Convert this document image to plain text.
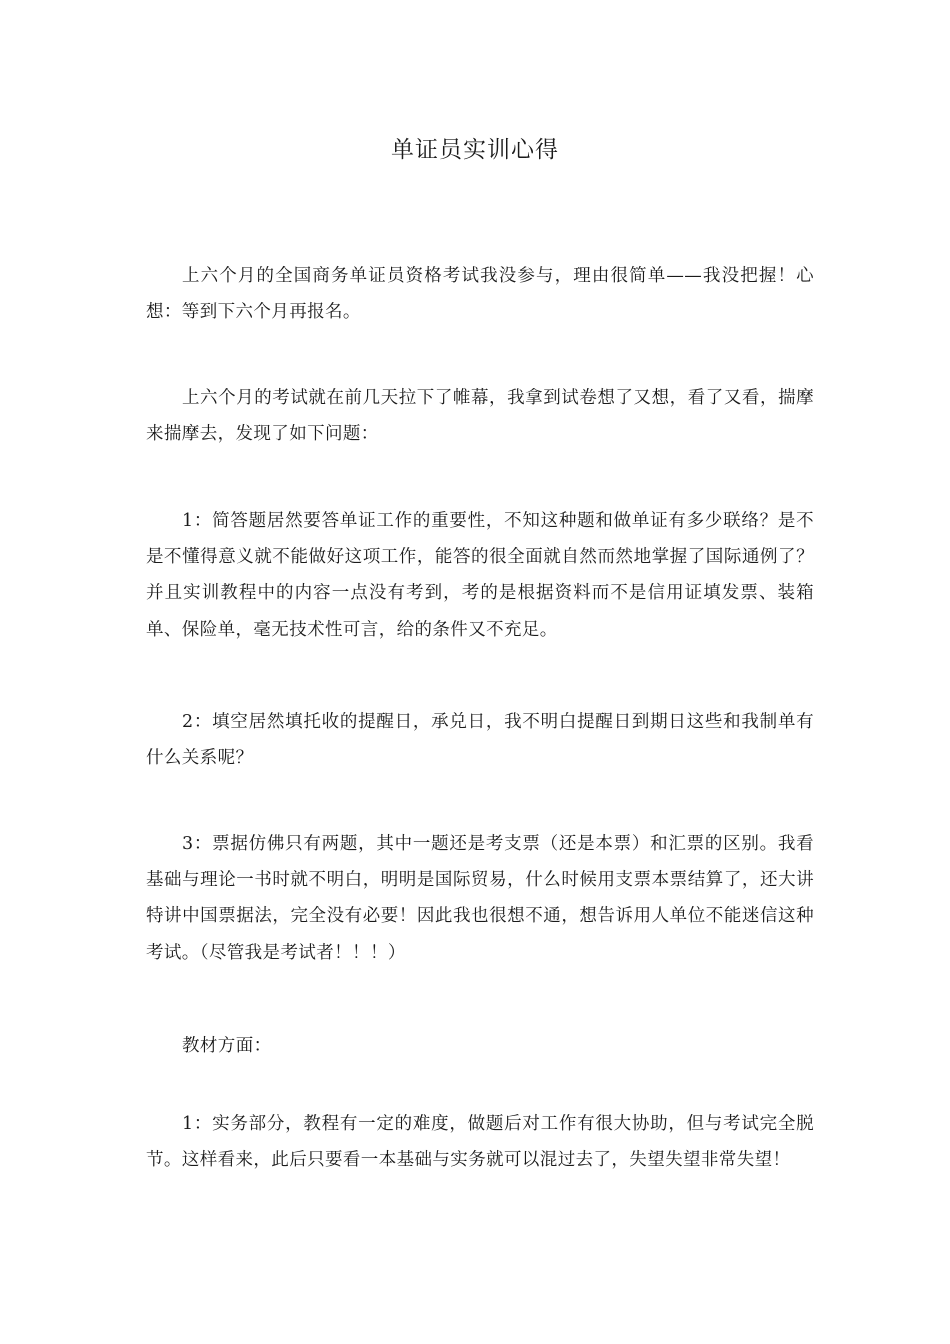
单证员实训心得

上六个月的全国商务单证员资格考试我没参与，理由很简单——我没把握！心想：等到下六个月再报名。

上六个月的考试就在前几天拉下了帷幕，我拿到试卷想了又想，看了又看，揣摩来揣摩去，发现了如下问题：

1：简答题居然要答单证工作的重要性，不知这种题和做单证有多少联络？是不是不懂得意义就不能做好这项工作，能答的很全面就自然而然地掌握了国际通例了？并且实训教程中的内容一点没有考到，考的是根据资料而不是信用证填发票、装箱单、保险单，毫无技术性可言，给的条件又不充足。

2：填空居然填托收的提醒日，承兑日，我不明白提醒日到期日这些和我制单有什么关系呢？

3：票据仿佛只有两题，其中一题还是考支票（还是本票）和汇票的区别。我看基础与理论一书时就不明白，明明是国际贸易，什么时候用支票本票结算了，还大讲特讲中国票据法，完全没有必要！因此我也很想不通，想告诉用人单位不能迷信这种考试。（尽管我是考试者！！！）

教材方面：

1：实务部分，教程有一定的难度，做题后对工作有很大协助，但与考试完全脱节。这样看来，此后只要看一本基础与实务就可以混过去了，失望失望非常失望！
